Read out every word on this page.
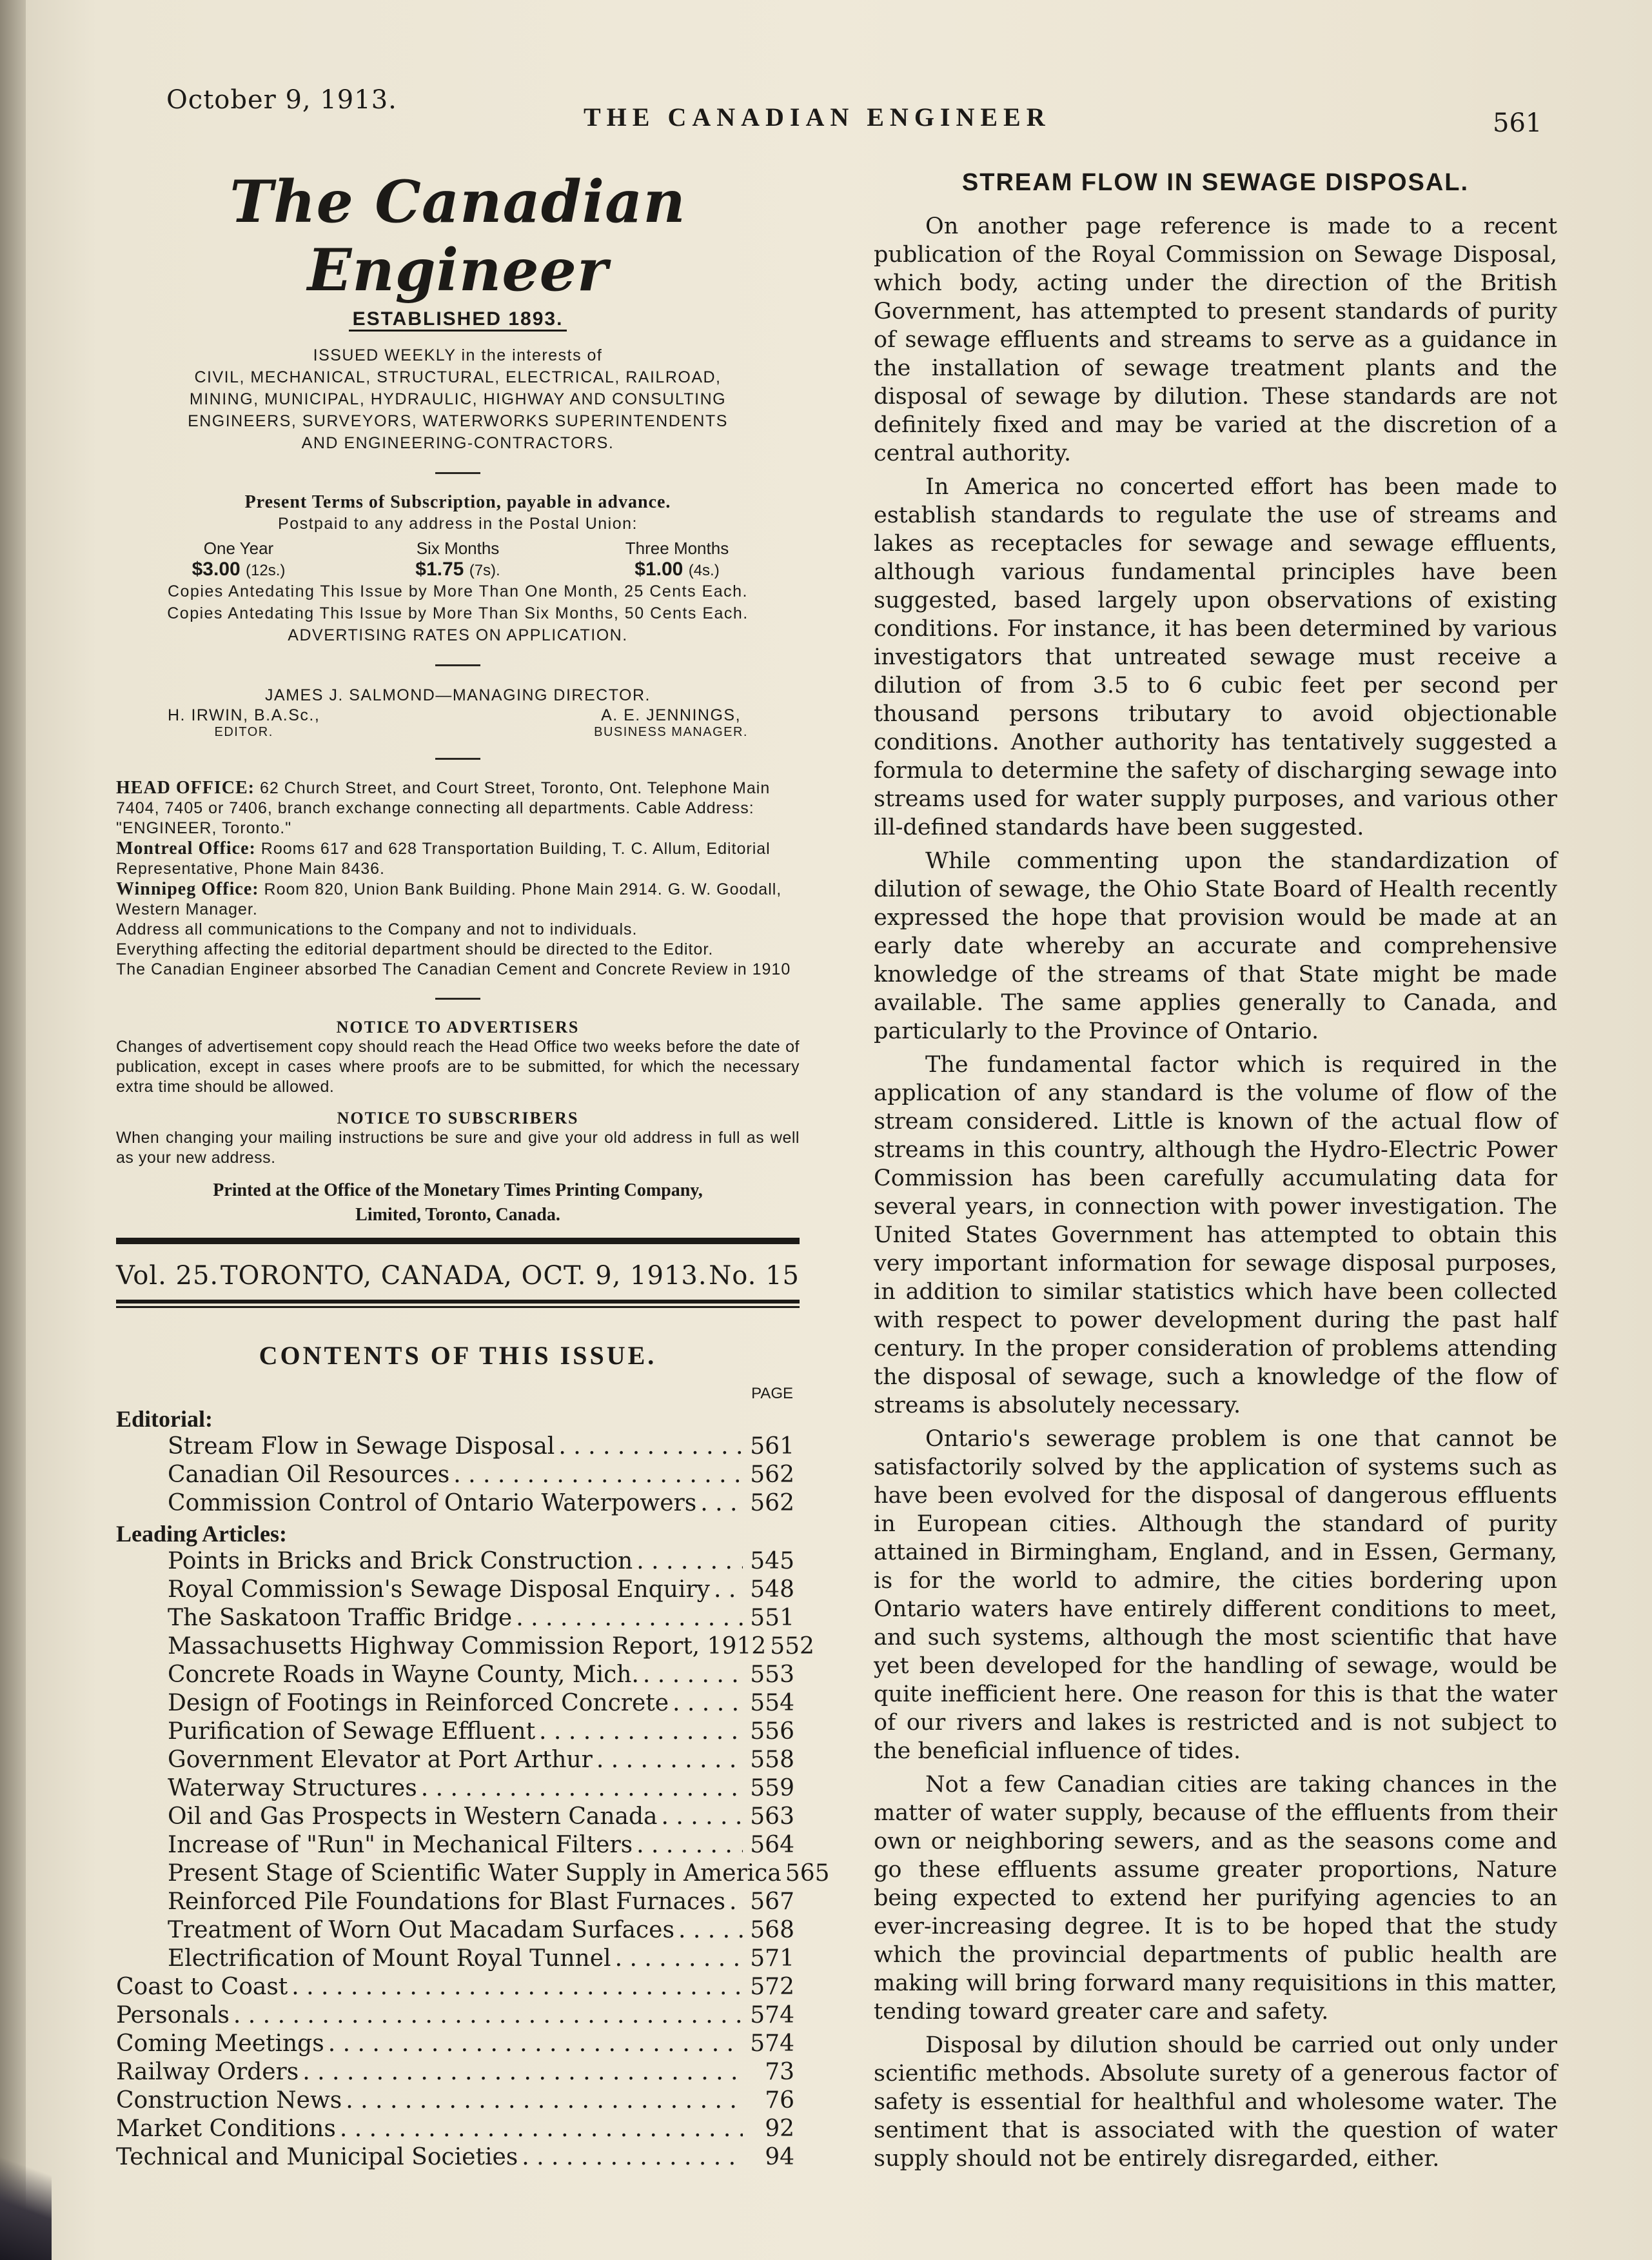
October 9, 1913.
THE CANADIAN ENGINEER	561
The Canadian Engineer
ESTABLISHED 1893.
ISSUED WEEKLY in the interests of
CIVIL, MECHANICAL, STRUCTURAL, ELECTRICAL, RAILROAD,
MINING, MUNICIPAL, HYDRAULIC, HIGHWAY AND CONSULTING
ENGINEERS, SURVEYORS, WATERWORKS SUPERINTENDENTS
AND ENGINEERING-CONTRACTORS.
Present Terms of Subscription, payable in advance.
Postpaid to any address in the Postal Union:
One Year
$3.00 (12s.)
Six Months
$1.75 (7s).
Three Months
$1.00 (4s.)
Copies Antedating This Issue by More Than One Month, 25 Cents Each.
Copies Antedating This Issue by More Than Six Months, 50 Cents Each.
ADVERTISING RATES ON APPLICATION.
JAMES J. SALMOND—MANAGING DIRECTOR.
H. IRWIN, B.A.Sc.,
EDITOR.
A. E. JENNINGS,
BUSINESS MANAGER.
HEAD OFFICE: 62 Church Street, and Court Street, Toronto, Ont. Telephone Main 7404, 7405 or 7406, branch exchange connecting all departments. Cable Address: "ENGINEER, Toronto."
Montreal Office: Rooms 617 and 628 Transportation Building, T. C. Allum, Editorial Representative, Phone Main 8436.
Winnipeg Office: Room 820, Union Bank Building. Phone Main 2914. G. W. Goodall, Western Manager.
Address all communications to the Company and not to individuals.
Everything affecting the editorial department should be directed to the Editor.
The Canadian Engineer absorbed The Canadian Cement and Concrete Review in 1910
NOTICE TO ADVERTISERS
Changes of advertisement copy should reach the Head Office two weeks before the date of publication, except in cases where proofs are to be submitted, for which the necessary extra time should be allowed.
NOTICE TO SUBSCRIBERS
When changing your mailing instructions be sure and give your old address in full as well as your new address.
Printed at the Office of the Monetary Times Printing Company,
Limited, Toronto, Canada.
Vol. 25. TORONTO, CANADA, OCT. 9, 1913. No. 15
CONTENTS OF THIS ISSUE.
PAGE
Editorial:
Stream Flow in Sewage Disposal . . .	561
Canadian Oil Resources . . .	562
Commission Control of Ontario Waterpowers . . .	562
Leading Articles:
Points in Bricks and Brick Construction . . .	545
Royal Commission's Sewage Disposal Enquiry . . .	548
The Saskatoon Traffic Bridge . . .	551
Massachusetts Highway Commission Report, 1912 . . . 552
Concrete Roads in Wayne County, Mich. . . .	553
Design of Footings in Reinforced Concrete . . .	554
Purification of Sewage Effluent . . .	556
Government Elevator at Port Arthur . . .	558
Waterway Structures . . .	559
Oil and Gas Prospects in Western Canada . . .	563
Increase of "Run" in Mechanical Filters . . .	564
Present Stage of Scientific Water Supply in America . . . 565
Reinforced Pile Foundations for Blast Furnaces . . .	567
Treatment of Worn Out Macadam Surfaces . . .	568
Electrification of Mount Royal Tunnel . . .	571
Coast to Coast . . .	572
Personals . . .	574
Coming Meetings . . .	574
Railway Orders . . .	73
Construction News . . .	76
Market Conditions . . .	92
Technical and Municipal Societies . . .	94
STREAM FLOW IN SEWAGE DISPOSAL.

On another page reference is made to a recent publication of the Royal Commission on Sewage Disposal, which body, acting under the direction of the British Government, has attempted to present standards of purity of sewage effluents and streams to serve as a guidance in the installation of sewage treatment plants and the disposal of sewage by dilution. These standards are not definitely fixed and may be varied at the discretion of a central authority.

In America no concerted effort has been made to establish standards to regulate the use of streams and lakes as receptacles for sewage and sewage effluents, although various fundamental principles have been suggested, based largely upon observations of existing conditions. For instance, it has been determined by various investigators that untreated sewage must receive a dilution of from 3.5 to 6 cubic feet per second per thousand persons tributary to avoid objectionable conditions. Another authority has tentatively suggested a formula to determine the safety of discharging sewage into streams used for water supply purposes, and various other ill-defined standards have been suggested.

While commenting upon the standardization of dilution of sewage, the Ohio State Board of Health recently expressed the hope that provision would be made at an early date whereby an accurate and comprehensive knowledge of the streams of that State might be made available. The same applies generally to Canada, and particularly to the Province of Ontario.

The fundamental factor which is required in the application of any standard is the volume of flow of the stream considered. Little is known of the actual flow of streams in this country, although the Hydro-Electric Power Commission has been carefully accumulating data for several years, in connection with power investigation. The United States Government has attempted to obtain this very important information for sewage disposal purposes, in addition to similar statistics which have been collected with respect to power development during the past half century. In the proper consideration of problems attending the disposal of sewage, such a knowledge of the flow of streams is absolutely necessary.

Ontario's sewerage problem is one that cannot be satisfactorily solved by the application of systems such as have been evolved for the disposal of dangerous effluents in European cities. Although the standard of purity attained in Birmingham, England, and in Essen, Germany, is for the world to admire, the cities bordering upon Ontario waters have entirely different conditions to meet, and such systems, although the most scientific that have yet been developed for the handling of sewage, would be quite inefficient here. One reason for this is that the water of our rivers and lakes is restricted and is not subject to the beneficial influence of tides.

Not a few Canadian cities are taking chances in the matter of water supply, because of the effluents from their own or neighboring sewers, and as the seasons come and go these effluents assume greater proportions, Nature being expected to extend her purifying agencies to an ever-increasing degree. It is to be hoped that the study which the provincial departments of public health are making will bring forward many requisitions in this matter, tending toward greater care and safety.

Disposal by dilution should be carried out only under scientific methods. Absolute surety of a generous factor of safety is essential for healthful and wholesome water. The sentiment that is associated with the question of water supply should not be entirely disregarded, either.
